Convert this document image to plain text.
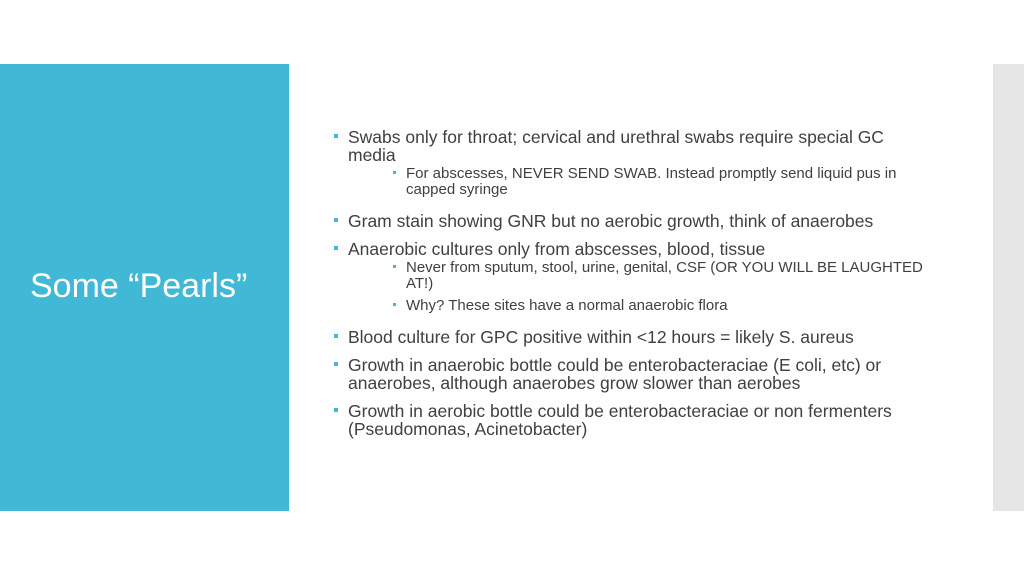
Some “Pearls”
Swabs only for throat; cervical and urethral swabs require special GC media
For abscesses, NEVER SEND SWAB. Instead promptly send liquid pus in capped syringe
Gram stain showing GNR but no aerobic growth, think of anaerobes
Anaerobic cultures only from abscesses, blood, tissue
Never from sputum, stool, urine, genital, CSF (OR YOU WILL BE LAUGHTED AT!)
Why? These sites have a normal anaerobic flora
Blood culture for GPC positive within <12 hours = likely S. aureus
Growth in anaerobic bottle could be enterobacteraciae (E coli, etc) or anaerobes, although anaerobes grow slower than aerobes
Growth in aerobic bottle could be enterobacteraciae or non fermenters (Pseudomonas, Acinetobacter)
